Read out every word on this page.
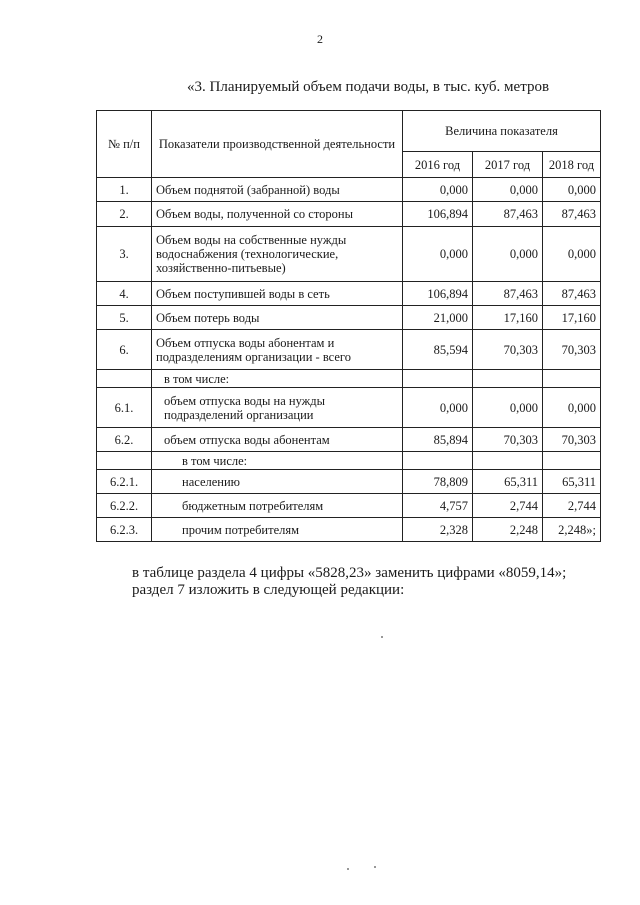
2
«3. Планируемый объем подачи воды, в тыс. куб. метров
№ п/п	Показатели производственной деятельности	Величина показателя		
		2016 год	2017 год	2018 год
1.	Объем поднятой (забранной) воды	0,000	0,000	0,000
2.	Объем воды, полученной со стороны	106,894	87,463	87,463
3.	Объем воды на собственные нужды водоснабжения (технологические, хозяйственно-питьевые)	0,000	0,000	0,000
4.	Объем поступившей воды в сеть	106,894	87,463	87,463
5.	Объем потерь воды	21,000	17,160	17,160
6.	Объем отпуска воды абонентам и подразделениям организации - всего	85,594	70,303	70,303
	в том числе:			
6.1.	объем отпуска воды на нужды подразделений организации	0,000	0,000	0,000
6.2.	объем отпуска воды абонентам	85,894	70,303	70,303
	в том числе:			
6.2.1.	населению	78,809	65,311	65,311
6.2.2.	бюджетным потребителям	4,757	2,744	2,744
6.2.3.	прочим потребителям	2,328	2,248	2,248»;
в таблице раздела 4 цифры «5828,23» заменить цифрами «8059,14»;
раздел 7 изложить в следующей редакции:
